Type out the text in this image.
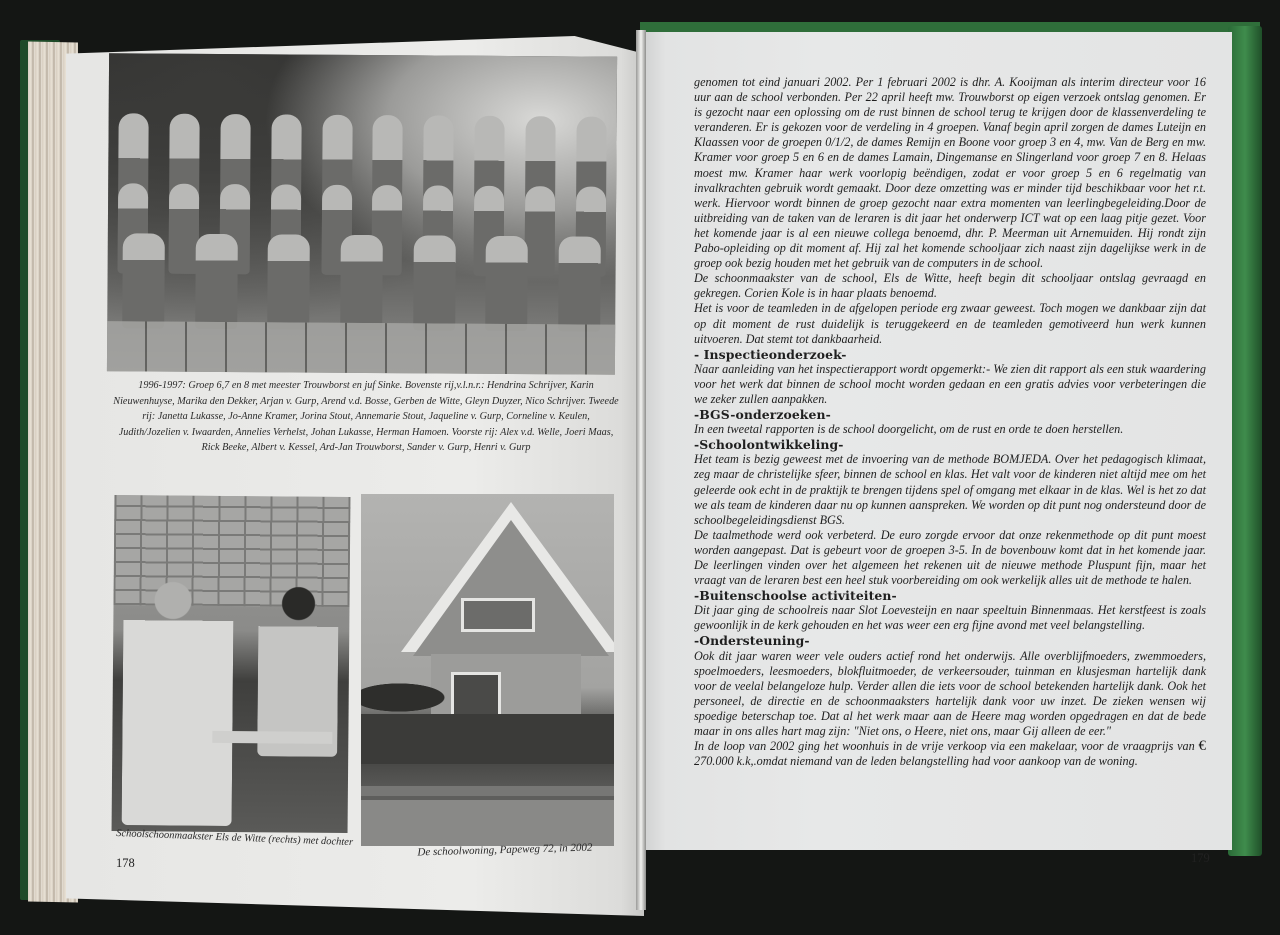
1996-1997: Groep 6,7 en 8 met meester Trouwborst en juf Sinke. Bovenste rij,v.l.n.r.: Hendrina Schrijver, Karin Nieuwenhuyse, Marika den Dekker, Arjan v. Gurp, Arend v.d. Bosse, Gerben de Witte, Gleyn Duyzer, Nico Schrijver. Tweede rij: Janetta Lukasse, Jo-Anne Kramer, Jorina Stout, Annemarie Stout, Jaqueline v. Gurp, Corneline v. Keulen, Judith/Jozelien v. Iwaarden, Annelies Verhelst, Johan Lukasse, Herman Hamoen. Voorste rij: Alex v.d. Welle, Joeri Maas, Rick Beeke, Albert v. Kessel, Ard-Jan Trouwborst, Sander v. Gurp, Henri v. Gurp
Schoolschoonmaakster Els de Witte (rechts) met dochter
De schoolwoning, Papeweg 72, in 2002
178

genomen tot eind januari 2002. Per 1 februari 2002 is dhr. A. Kooijman als interim directeur voor 16 uur aan de school verbonden. Per 22 april heeft mw. Trouwborst op eigen verzoek ontslag genomen. Er is gezocht naar een oplossing om de rust binnen de school terug te krijgen door de klassenverdeling te veranderen. Er is gekozen voor de verdeling in 4 groepen. Vanaf begin april zorgen de dames Luteijn en Klaassen voor de groepen 0/1/2, de dames Remijn en Boone voor groep 3 en 4, mw. Van de Berg en mw. Kramer voor groep 5 en 6 en de dames Lamain, Dingemanse en Slingerland voor groep 7 en 8. Helaas moest mw. Kramer haar werk voorlopig beëndigen, zodat er voor groep 5 en 6 regelmatig van invalkrachten gebruik wordt gemaakt. Door deze omzetting was er minder tijd beschikbaar voor het r.t. werk. Hiervoor wordt binnen de groep gezocht naar extra momenten van leerlingbegeleiding.Door de uitbreiding van de taken van de leraren is dit jaar het onderwerp ICT wat op een laag pitje gezet. Voor het komende jaar is al een nieuwe collega benoemd, dhr. P. Meerman uit Arnemuiden. Hij rondt zijn Pabo-opleiding op dit moment af. Hij zal het komende schooljaar zich naast zijn dagelijkse werk in de groep ook bezig houden met het gebruik van de computers in de school.

De schoonmaakster van de school, Els de Witte, heeft begin dit schooljaar ontslag gevraagd en gekregen. Corien Kole is in haar plaats benoemd.

Het is voor de teamleden in de afgelopen periode erg zwaar geweest. Toch mogen we dankbaar zijn dat op dit moment de rust duidelijk is teruggekeerd en de teamleden gemotiveerd hun werk kunnen uitvoeren. Dat stemt tot dankbaarheid.

- Inspectieonderzoek-

Naar aanleiding van het inspectierapport wordt opgemerkt:- We zien dit rapport als een stuk waardering voor het werk dat binnen de school mocht worden gedaan en een gratis advies voor verbeteringen die we zeker zullen aanpakken.

-BGS-onderzoeken-

In een tweetal rapporten is de school doorgelicht, om de rust en orde te doen herstellen.

-Schoolontwikkeling-

Het team is bezig geweest met de invoering van de methode BOMJEDA. Over het pedagogisch klimaat, zeg maar de christelijke sfeer, binnen de school en klas. Het valt voor de kinderen niet altijd mee om het geleerde ook echt in de praktijk te brengen tijdens spel of omgang met elkaar in de klas. Wel is het zo dat we als team de kinderen daar nu op kunnen aanspreken. We worden op dit punt nog ondersteund door de schoolbegeleidingsdienst BGS.

De taalmethode werd ook verbeterd. De euro zorgde ervoor dat onze rekenmethode op dit punt moest worden aangepast. Dat is gebeurt voor de groepen 3-5. In de bovenbouw komt dat in het komende jaar. De leerlingen vinden over het algemeen het rekenen uit de nieuwe methode Pluspunt fijn, maar het vraagt van de leraren best een heel stuk voorbereiding om ook werkelijk alles uit de methode te halen.

-Buitenschoolse activiteiten-

Dit jaar ging de schoolreis naar Slot Loevesteijn en naar speeltuin Binnenmaas. Het kerstfeest is zoals gewoonlijk in de kerk gehouden en het was weer een erg fijne avond met veel belangstelling.

-Ondersteuning-

Ook dit jaar waren weer vele ouders actief rond het onderwijs. Alle overblijfmoeders, zwemmoeders, spoelmoeders, leesmoeders, blokfluitmoeder, de verkeersouder, tuinman en klusjesman hartelijk dank voor de veelal belangeloze hulp. Verder allen die iets voor de school betekenden hartelijk dank. Ook het personeel, de directie en de schoonmaaksters hartelijk dank voor uw inzet. De zieken wensen wij spoedige beterschap toe. Dat al het werk maar aan de Heere mag worden opgedragen en dat de bede maar in ons alles hart mag zijn: "Niet ons, o Heere, niet ons, maar Gij alleen de eer."

In de loop van 2002 ging het woonhuis in de vrije verkoop via een makelaar, voor de vraagprijs van € 270.000 k.k,.omdat niemand van de leden belangstelling had voor aankoop van de woning.

179
